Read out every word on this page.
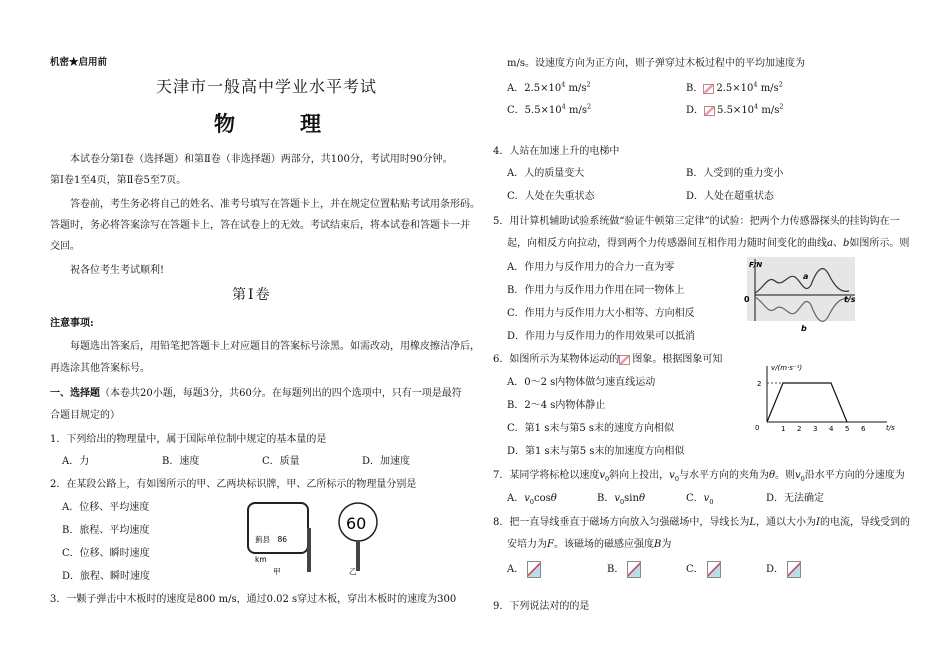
机密★启用前
天津市一般高中学业水平考试
物　理
本试卷分第Ⅰ卷（选择题）和第Ⅱ卷（非选择题）两部分，共100分，考试用时90分钟。
第Ⅰ卷1至4页，第Ⅱ卷5至7页。
答卷前，考生务必将自己的姓名、准考号填写在答题卡上，并在规定位置粘贴考试用条形码。
答题时，务必将答案涂写在答题卡上，答在试卷上的无效。考试结束后，将本试卷和答题卡一并
交回。
祝各位考生考试顺利!
第Ⅰ卷
注意事项:
每题选出答案后，用铅笔把答题卡上对应题目的答案标号涂黑。如需改动，用橡皮擦洁净后，
再选涂其他答案标号。
一、选择题（本卷共20小题，每题3分，共60分。在每题列出的四个选项中，只有一项是最符
合题目规定的）
1．下列给出的物理量中，属于国际单位制中规定的基本量的是
A．力	B．速度	C．质量	D．加速度
2．在某段公路上，有如图所示的甲、乙两块标识牌，甲、乙所标示的物理量分别是
A．位移、平均速度
B．旅程、平均速度
C．位移、瞬时速度
D．旅程、瞬时速度
蓟县　86
km
甲
60
乙
3．一颗子弹击中木板时的速度是800 m/s，通过0.02 s穿过木板，穿出木板时的速度为300
m/s。设速度方向为正方向，则子弹穿过木板过程中的平均加速度为
A．$2.5\times 10^4$ $m/s^2$	B． $2.5\times 10^4$ $m/s^2$
C．$5.5\times 10^4$ $m/s^2$	D． $5.5\times 10^4$ $m/s^2$
4．人站在加速上升的电梯中
A．人的质量变大	B．人受到的重力变小
C．人处在失重状态	D．人处在超重状态
5．用计算机辅助试验系统做“验证牛顿第三定律”的试验：把两个力传感器探头的挂钩钩在一
起，向相反方向拉动，得到两个力传感器间互相作用力随时间变化的曲线a、b如图所示。则
A．作用力与反作用力的合力一直为零
B．作用力与反作用力作用在同一物体上
C．作用力与反作用力大小相等、方向相反
D．作用力与反作用力的作用效果可以抵消
F/N
t/s
0
a
b
6．如图所示为某物体运动的 图象。根据图象可知
A．0～2 s内物体做匀速直线运动
B．2～4 s内物体静止
C．第1 s末与第5 s末的速度方向相似
D．第1 s末与第5 s末的加速度方向相似
v/(m·s⁻¹)
t/s
2
0	1 2 3 4 5 6
7．某同学将标枪以速度$v_0$斜向上投出，$v_0$与水平方向的夹角为θ。则$v_0$沿水平方向的分速度为
A．$v_0\cos\theta$	B．$v_0\sin\theta$	C．$v_0$	D．无法确定
8．把一直导线垂直于磁场方向放入匀强磁场中，导线长为L，通以大小为I的电流，导线受到的
安培力为F。该磁场的磁感应强度B为
A．	B．	C．	D．
9．下列说法对的的是
